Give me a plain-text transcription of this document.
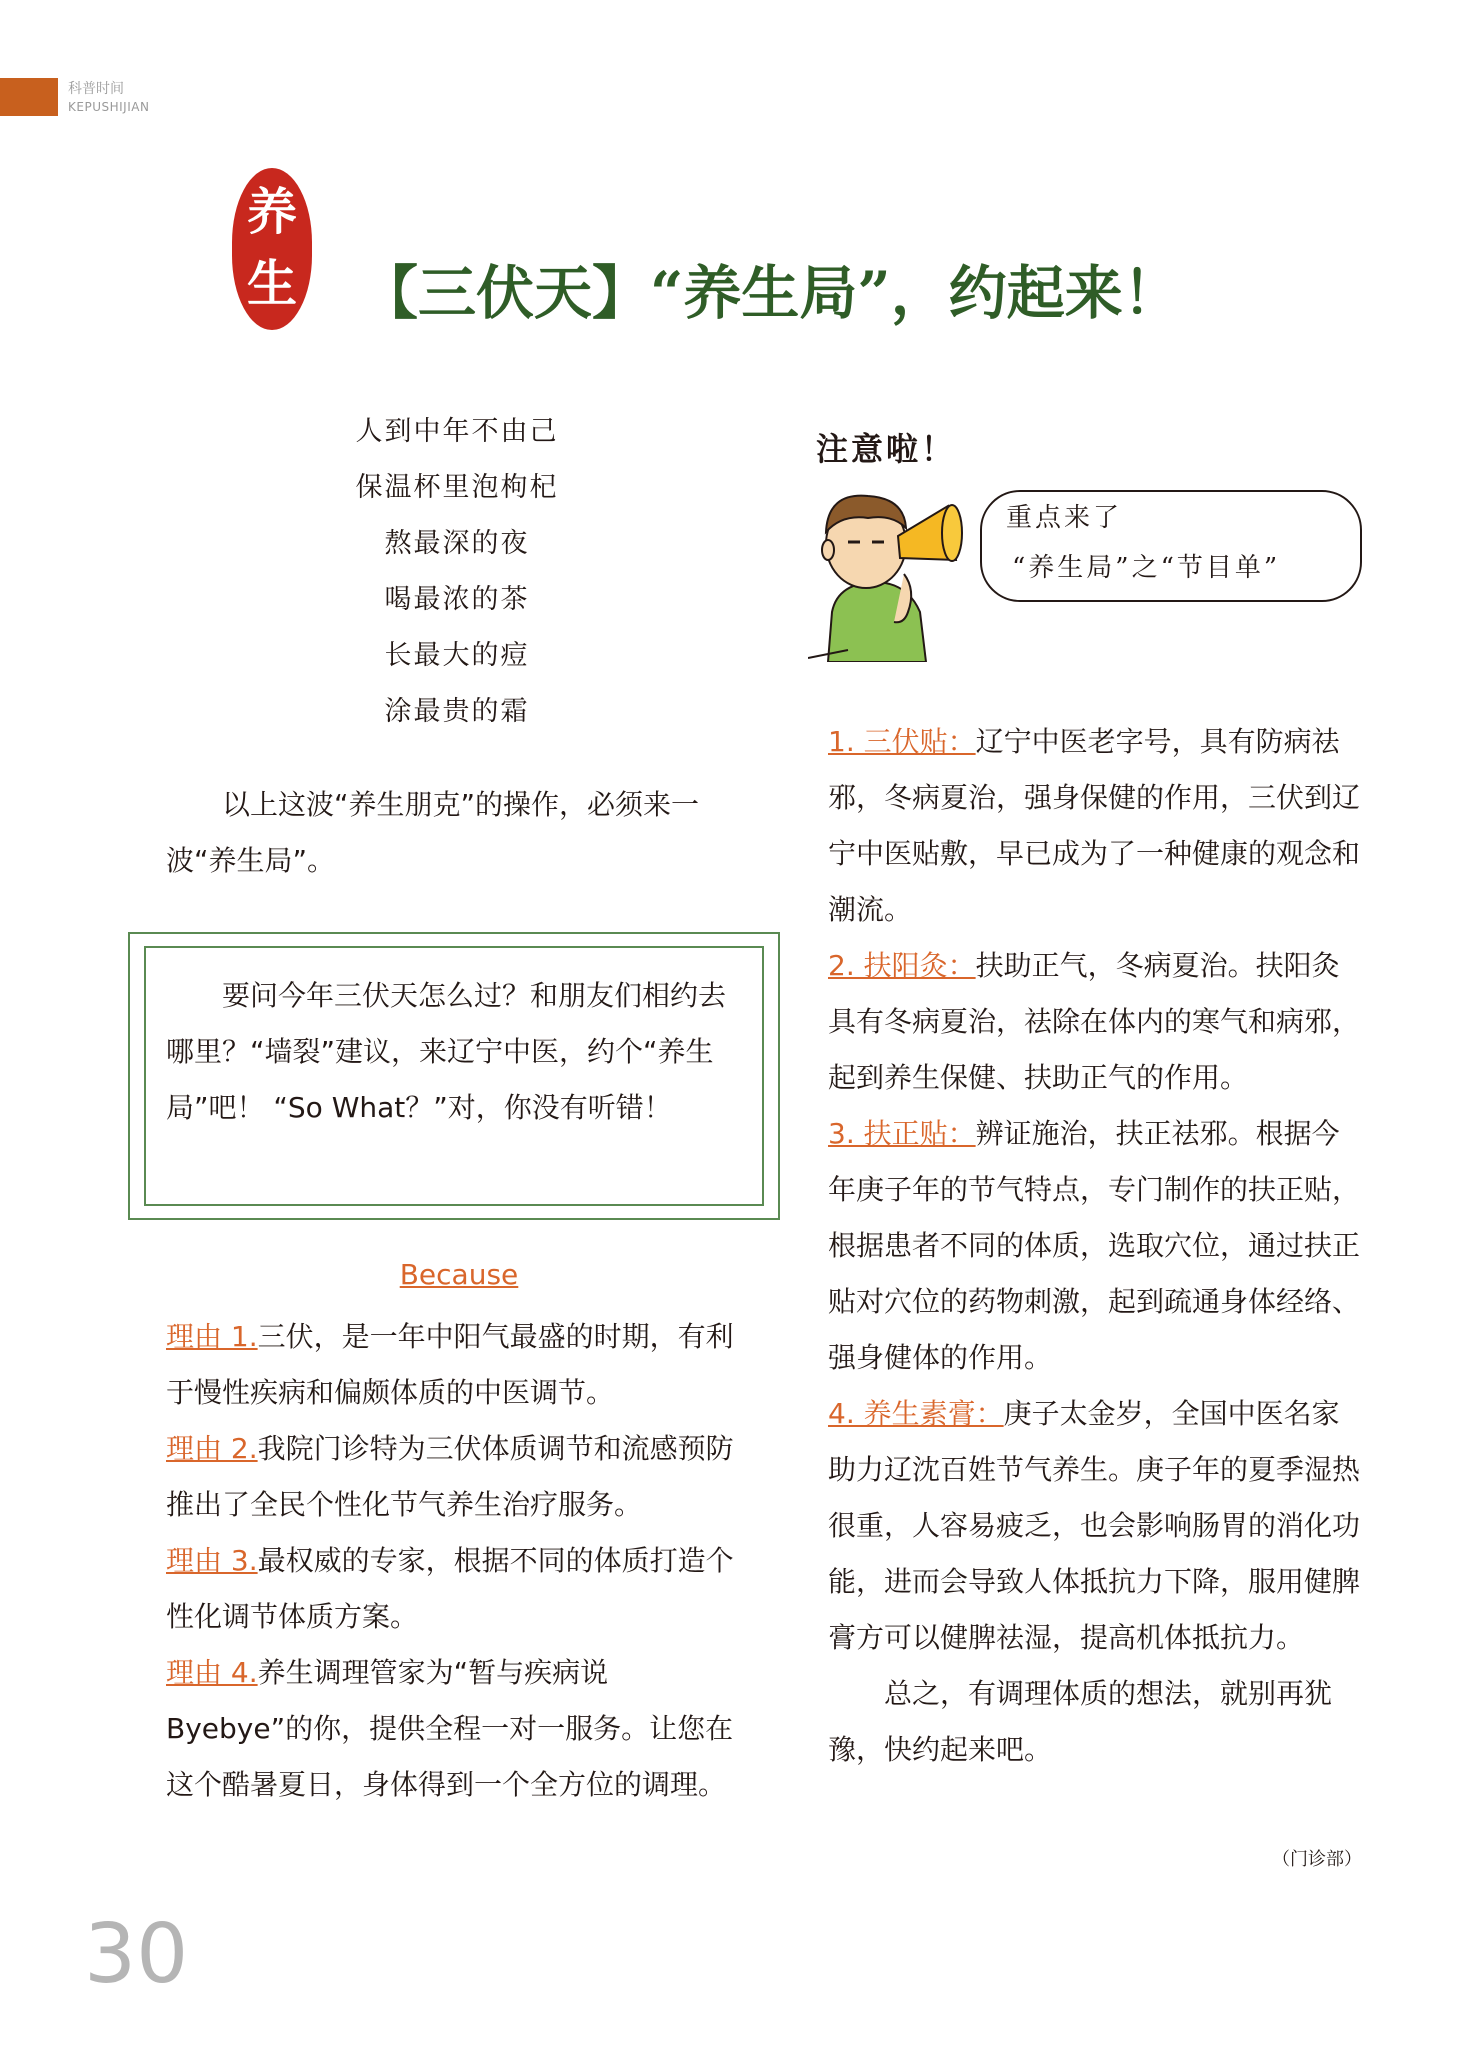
科普时间
KEPUSHIJIAN
养
生 【三伏天】“养生局”，约起来！
人到中年不由己
保温杯里泡枸杞
熬最深的夜
喝最浓的茶
长最大的痘
涂最贵的霜
以上这波“养生朋克”的操作，必须来一波“养生局”。
要问今年三伏天怎么过？和朋友们相约去哪里？“墙裂”建议，来辽宁中医，约个“养生局”吧！ “So What？”对，你没有听错！
Because
理由 1.三伏，是一年中阳气最盛的时期，有利于慢性疾病和偏颇体质的中医调节。
理由 2.我院门诊特为三伏体质调节和流感预防推出了全民个性化节气养生治疗服务。
理由 3.最权威的专家，根据不同的体质打造个性化调节体质方案。
理由 4.养生调理管家为“暂与疾病说Byebye”的你，提供全程一对一服务。让您在这个酷暑夏日，身体得到一个全方位的调理。
注意啦！
重点来了
“养生局”之“节目单”
1. 三伏贴：辽宁中医老字号，具有防病祛邪，冬病夏治，强身保健的作用，三伏到辽宁中医贴敷，早已成为了一种健康的观念和潮流。
2. 扶阳灸：扶助正气，冬病夏治。扶阳灸具有冬病夏治，祛除在体内的寒气和病邪，起到养生保健、扶助正气的作用。
3. 扶正贴：辨证施治，扶正祛邪。根据今年庚子年的节气特点，专门制作的扶正贴，根据患者不同的体质，选取穴位，通过扶正贴对穴位的药物刺激，起到疏通身体经络、强身健体的作用。
4. 养生素膏：庚子太金岁，全国中医名家助力辽沈百姓节气养生。庚子年的夏季湿热很重，人容易疲乏，也会影响肠胃的消化功能，进而会导致人体抵抗力下降，服用健脾膏方可以健脾祛湿，提高机体抵抗力。
总之，有调理体质的想法，就别再犹豫，快约起来吧。
（门诊部）
30
